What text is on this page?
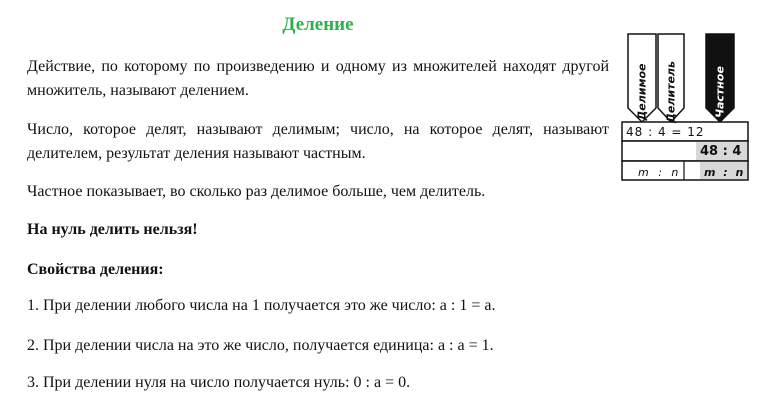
Деление

Действие, по которому по произведению и одному из множителей находят другой множитель, называют делением.

Число, которое делят, называют делимым; число, на которое делят, называют делителем, результат деления называют частным.

Частное показывает, во сколько раз делимое больше, чем делитель.

На нуль делить нельзя!

Свойства деления:

1. При делении любого числа на 1 получается это же число: a : 1 = a.

2. При делении числа на это же число, получается единица: a : a = 1.

3. При делении нуля на число получается нуль: 0 : a = 0.

Делимое Делитель	Частное
48 : 4 = 12
48 : 4
m : n m : n
